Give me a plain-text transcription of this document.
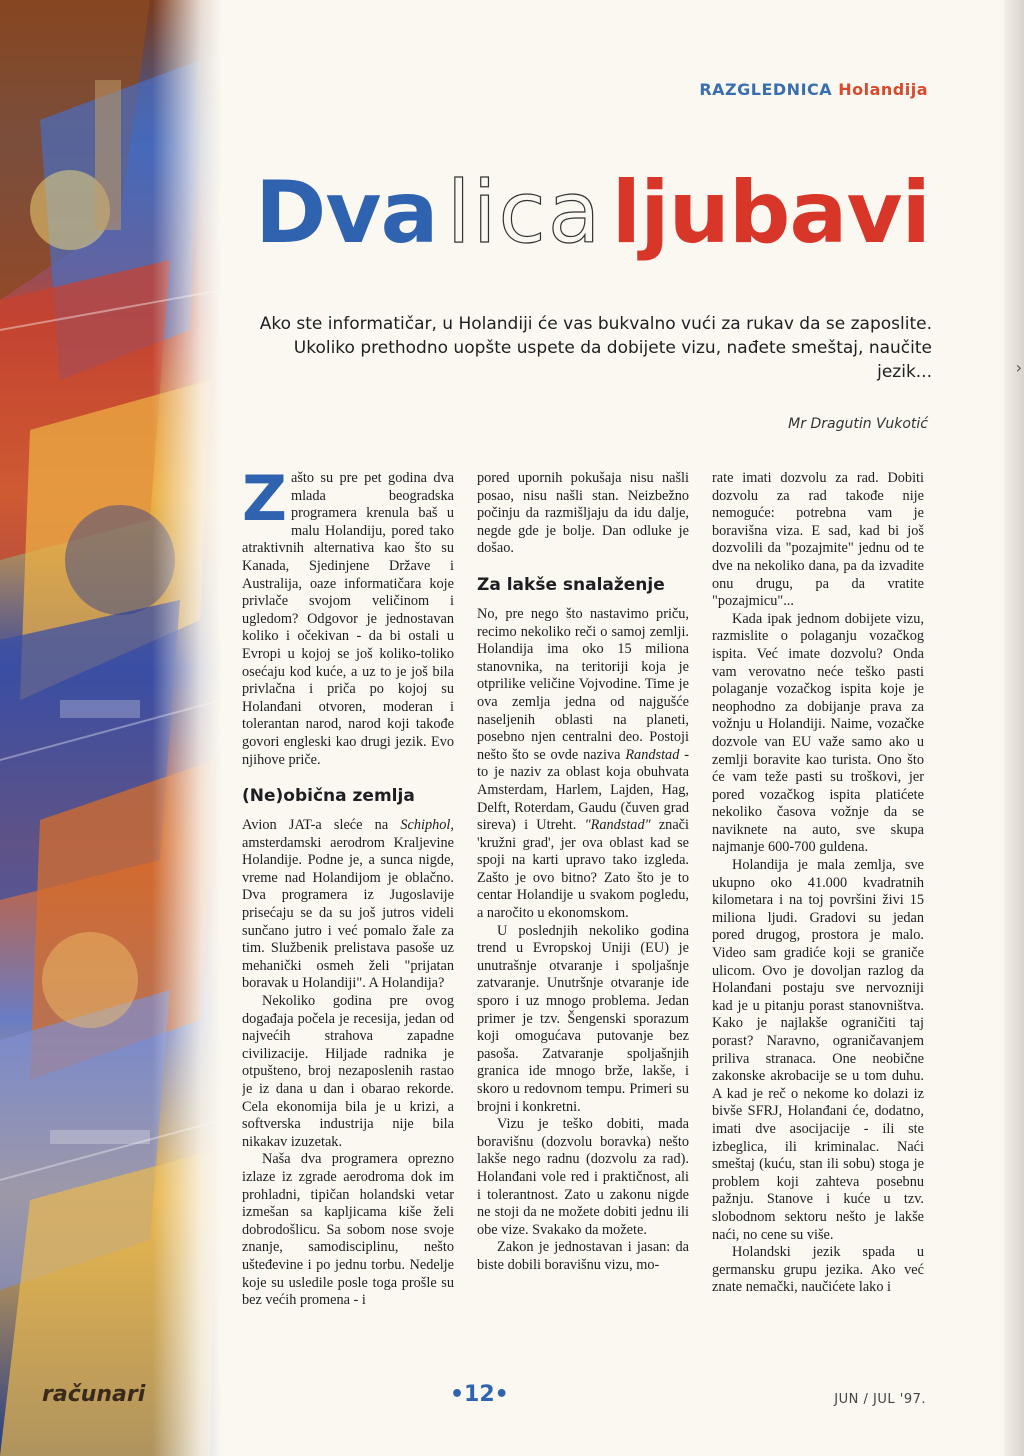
›

RAZGLEDNICA Holandija

Dva lica ljubavi

Ako ste informatičar, u Holandiji će vas bukvalno vući za rukav da se zaposlite.
Ukoliko prethodno uopšte uspete da dobijete vizu, nađete smeštaj, naučite jezik...

Mr Dragutin Vukotić

Zašto su pre pet godina dva mlada beogradska programera krenula baš u malu Holandiju, pored tako atraktivnih alternativa kao što su Kanada, Sjedinjene Države i Australija, oaze informatičara koje privlače svojom veličinom i ugledom? Odgovor je jednostavan koliko i očekivan - da bi ostali u Evropi u kojoj se još koliko-toliko osećaju kod kuće, a uz to je još bila privlačna i priča po kojoj su Holanđani otvoren, moderan i tolerantan narod, narod koji takođe govori engleski kao drugi jezik. Evo njihove priče.

(Ne)obična zemlja

Avion JAT-a sleće na Schiphol, amsterdamski aerodrom Kraljevine Holandije. Podne je, a sunca nigde, vreme nad Holandijom je oblačno. Dva programera iz Jugoslavije prisećaju se da su još jutros videli sunčano jutro i već pomalo žale za tim. Službenik prelistava pasoše uz mehanički osmeh želi "prijatan boravak u Holandiji". A Holandija?

Nekoliko godina pre ovog događaja počela je recesija, jedan od najvećih strahova zapadne civilizacije. Hiljade radnika je otpušteno, broj nezaposlenih rastao je iz dana u dan i obarao rekorde. Cela ekonomija bila je u krizi, a softverska industrija nije bila nikakav izuzetak.

Naša dva programera oprezno izlaze iz zgrade aerodroma dok im prohladni, tipičan holandski vetar izmešan sa kapljicama kiše želi dobrodošlicu. Sa sobom nose svoje znanje, samodisciplinu, nešto ušteđevine i po jednu torbu. Nedelje koje su usledile posle toga prošle su bez većih promena - i

pored upornih pokušaja nisu našli posao, nisu našli stan. Neizbežno počinju da razmišljaju da idu dalje, negde gde je bolje. Dan odluke je došao.

Za lakše snalaženje

No, pre nego što nastavimo priču, recimo nekoliko reči o samoj zemlji. Holandija ima oko 15 miliona stanovnika, na teritoriji koja je otprilike veličine Vojvodine. Time je ova zemlja jedna od najgušće naseljenih oblasti na planeti, posebno njen centralni deo. Postoji nešto što se ovde naziva Randstad - to je naziv za oblast koja obuhvata Amsterdam, Harlem, Lajden, Hag, Delft, Roterdam, Gaudu (čuven grad sireva) i Utreht. "Randstad" znači 'kružni grad', jer ova oblast kad se spoji na karti upravo tako izgleda. Zašto je ovo bitno? Zato što je to centar Holandije u svakom pogledu, a naročito u ekonomskom.

U poslednjih nekoliko godina trend u Evropskoj Uniji (EU) je unutrašnje otvaranje i spoljašnje zatvaranje. Unutršnje otvaranje ide sporo i uz mnogo problema. Jedan primer je tzv. Šengenski sporazum koji omogućava putovanje bez pasoša. Zatvaranje spoljašnjih granica ide mnogo brže, lakše, i skoro u redovnom tempu. Primeri su brojni i konkretni.

Vizu je teško dobiti, mada boravišnu (dozvolu boravka) nešto lakše nego radnu (dozvolu za rad). Holanđani vole red i praktičnost, ali i tolerantnost. Zato u zakonu nigde ne stoji da ne možete dobiti jednu ili obe vize. Svakako da možete.

Zakon je jednostavan i jasan: da biste dobili boravišnu vizu, mo-

rate imati dozvolu za rad. Dobiti dozvolu za rad takođe nije nemoguće: potrebna vam je boravišna viza. E sad, kad bi još dozvolili da "pozajmite" jednu od te dve na nekoliko dana, pa da izvadite onu drugu, pa da vratite "pozajmicu"...

Kada ipak jednom dobijete vizu, razmislite o polaganju vozačkog ispita. Već imate dozvolu? Onda vam verovatno neće teško pasti polaganje vozačkog ispita koje je neophodno za dobijanje prava za vožnju u Holandiji. Naime, vozačke dozvole van EU važe samo ako u zemlji boravite kao turista. Ono što će vam teže pasti su troškovi, jer pored vozačkog ispita platićete nekoliko časova vožnje da se naviknete na auto, sve skupa najmanje 600-700 guldena.

Holandija je mala zemlja, sve ukupno oko 41.000 kvadratnih kilometara i na toj površini živi 15 miliona ljudi. Gradovi su jedan pored drugog, prostora je malo. Video sam gradiće koji se graniče ulicom. Ovo je dovoljan razlog da Holanđani postaju sve nervozniji kad je u pitanju porast stanovništva. Kako je najlakše ograničiti taj porast? Naravno, ograničavanjem priliva stranaca. One neobične zakonske akrobacije se u tom duhu. A kad je reč o nekome ko dolazi iz bivše SFRJ, Holanđani će, dodatno, imati dve asocijacije - ili ste izbeglica, ili kriminalac. Naći smeštaj (kuću, stan ili sobu) stoga je problem koji zahteva posebnu pažnju. Stanove i kuće u tzv. slobodnom sektoru nešto je lakše naći, no cene su više.

Holandski jezik spada u germansku grupu jezika. Ako već znate nemački, naučićete lako i

računari	•12•	JUN / JUL '97.
